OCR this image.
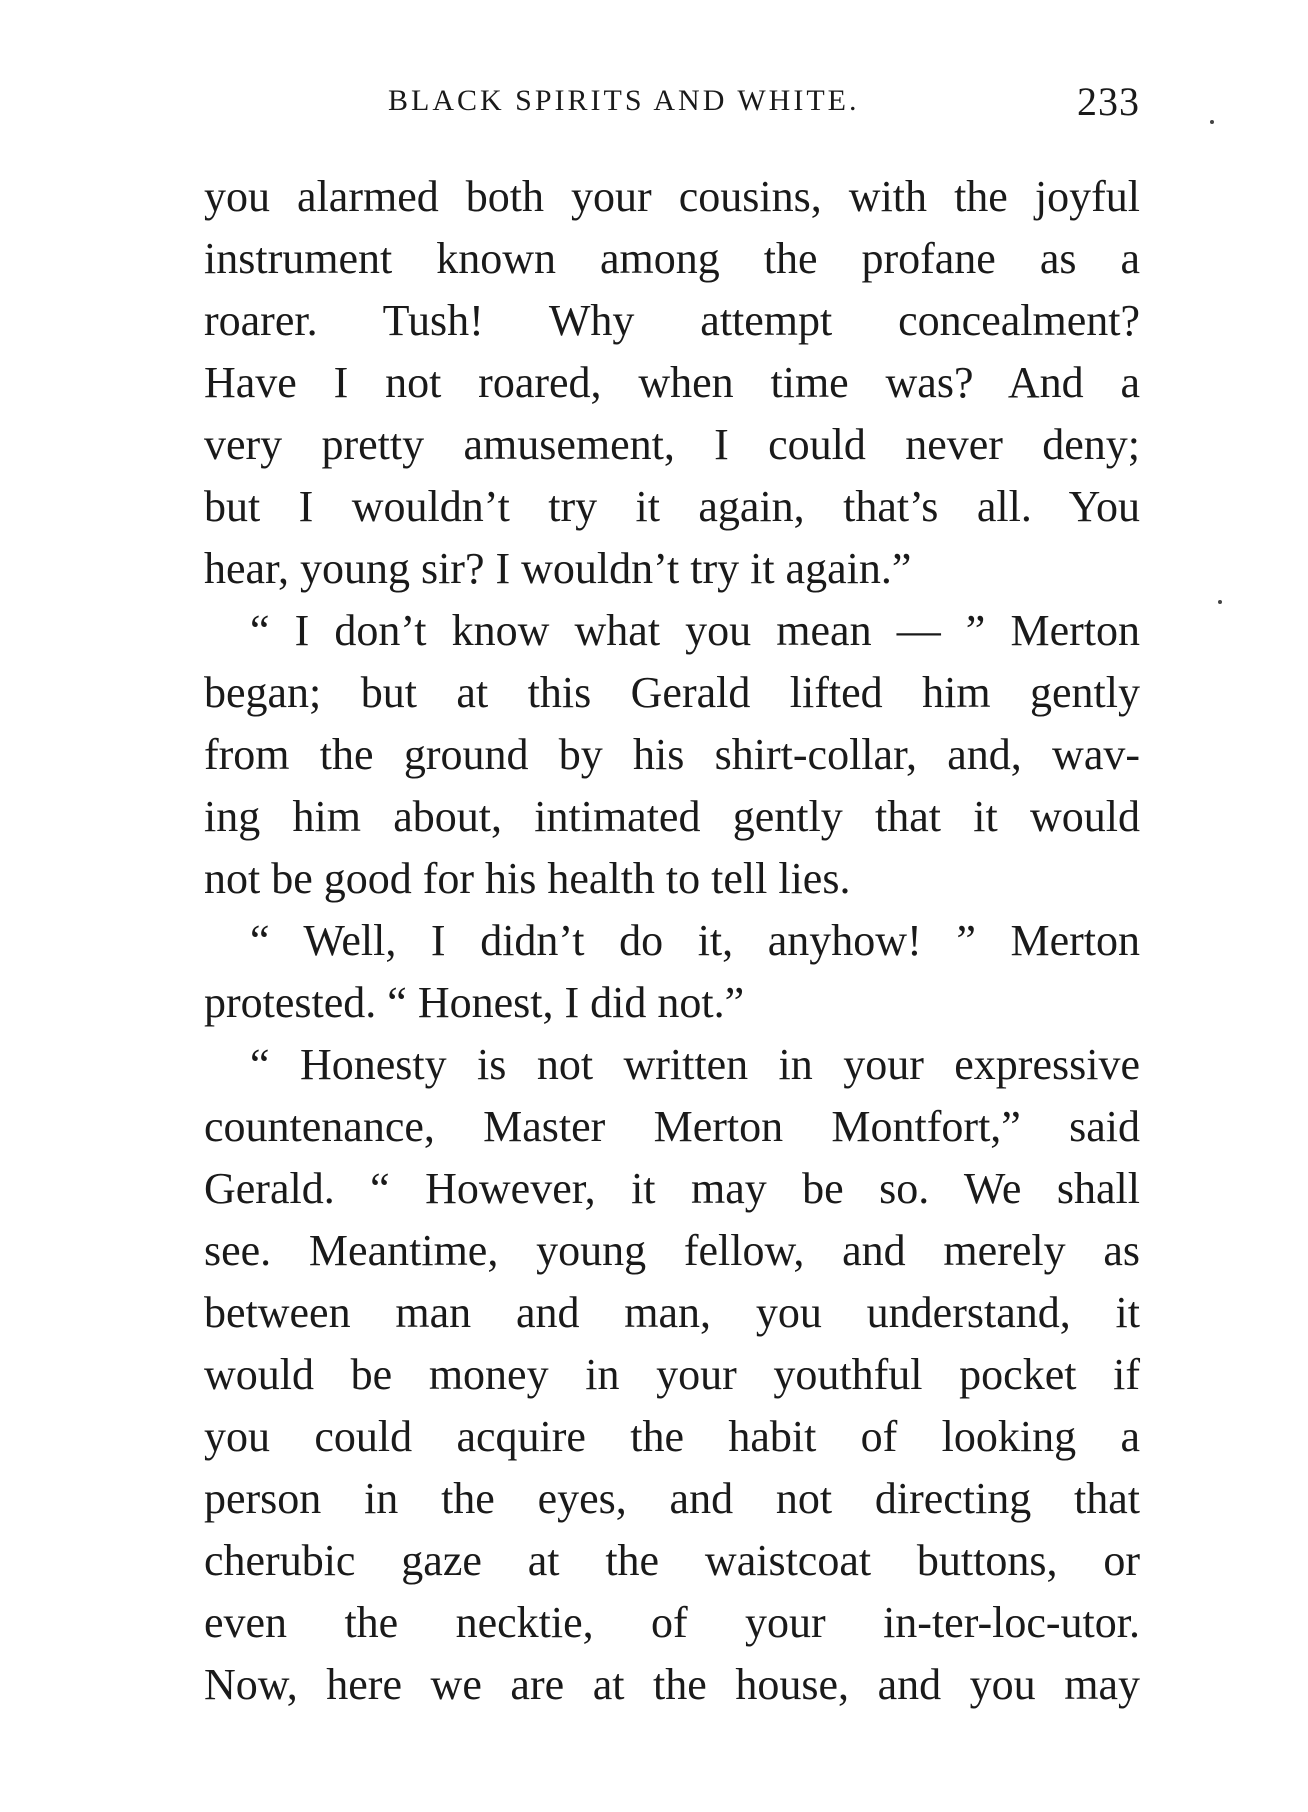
BLACK SPIRITS AND WHITE.	233
you alarmed both your cousins, with the joyful
instrument known among the profane as a
roarer. Tush! Why attempt concealment?
Have I not roared, when time was? And a
very pretty amusement, I could never deny;
but I wouldn’t try it again, that’s all. You
hear, young sir? I wouldn’t try it again.”
“ I don’t know what you mean — ” Merton
began; but at this Gerald lifted him gently
from the ground by his shirt-collar, and, wav-
ing him about, intimated gently that it would
not be good for his health to tell lies.
“ Well, I didn’t do it, anyhow! ” Merton
protested. “ Honest, I did not.”
“ Honesty is not written in your expressive
countenance, Master Merton Montfort,” said
Gerald. “ However, it may be so. We shall
see. Meantime, young fellow, and merely as
between man and man, you understand, it
would be money in your youthful pocket if
you could acquire the habit of looking a
person in the eyes, and not directing that
cherubic gaze at the waistcoat buttons, or
even the necktie, of your in-ter-loc-utor.
Now, here we are at the house, and you may
